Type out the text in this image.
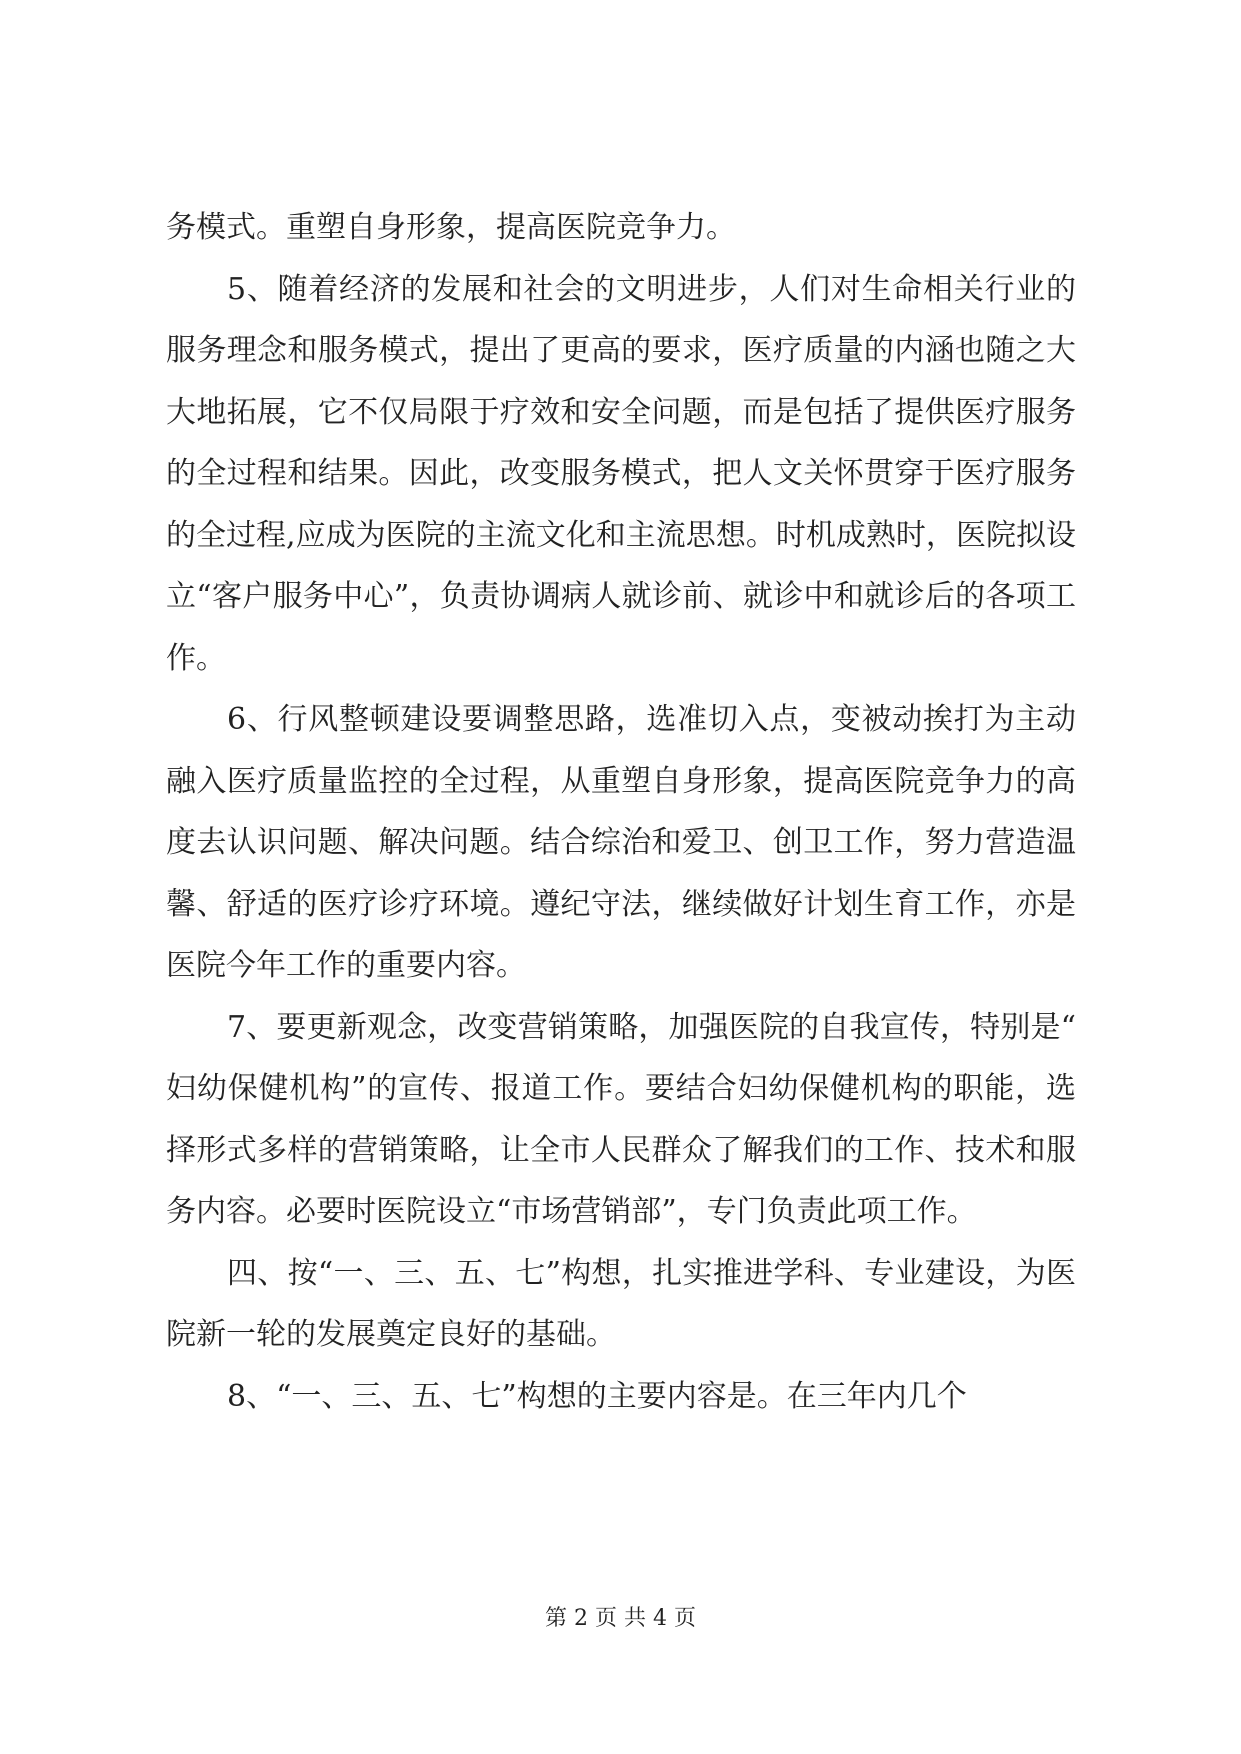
务模式。重塑自身形象，提高医院竞争力。

5、随着经济的发展和社会的文明进步，人们对生命相关行业的服务理念和服务模式，提出了更高的要求，医疗质量的内涵也随之大大地拓展，它不仅局限于疗效和安全问题，而是包括了提供医疗服务的全过程和结果。因此，改变服务模式，把人文关怀贯穿于医疗服务的全过程,应成为医院的主流文化和主流思想。时机成熟时，医院拟设立“客户服务中心”，负责协调病人就诊前、就诊中和就诊后的各项工作。

6、行风整顿建设要调整思路，选准切入点，变被动挨打为主动融入医疗质量监控的全过程，从重塑自身形象，提高医院竞争力的高度去认识问题、解决问题。结合综治和爱卫、创卫工作，努力营造温馨、舒适的医疗诊疗环境。遵纪守法，继续做好计划生育工作，亦是医院今年工作的重要内容。

7、要更新观念，改变营销策略，加强医院的自我宣传，特别是“妇幼保健机构”的宣传、报道工作。要结合妇幼保健机构的职能，选择形式多样的营销策略，让全市人民群众了解我们的工作、技术和服务内容。必要时医院设立“市场营销部”，专门负责此项工作。

四、按“一、三、五、七”构想，扎实推进学科、专业建设，为医院新一轮的发展奠定良好的基础。

8、“一、三、五、七”构想的主要内容是。在三年内几个

第 2 页 共 4 页
